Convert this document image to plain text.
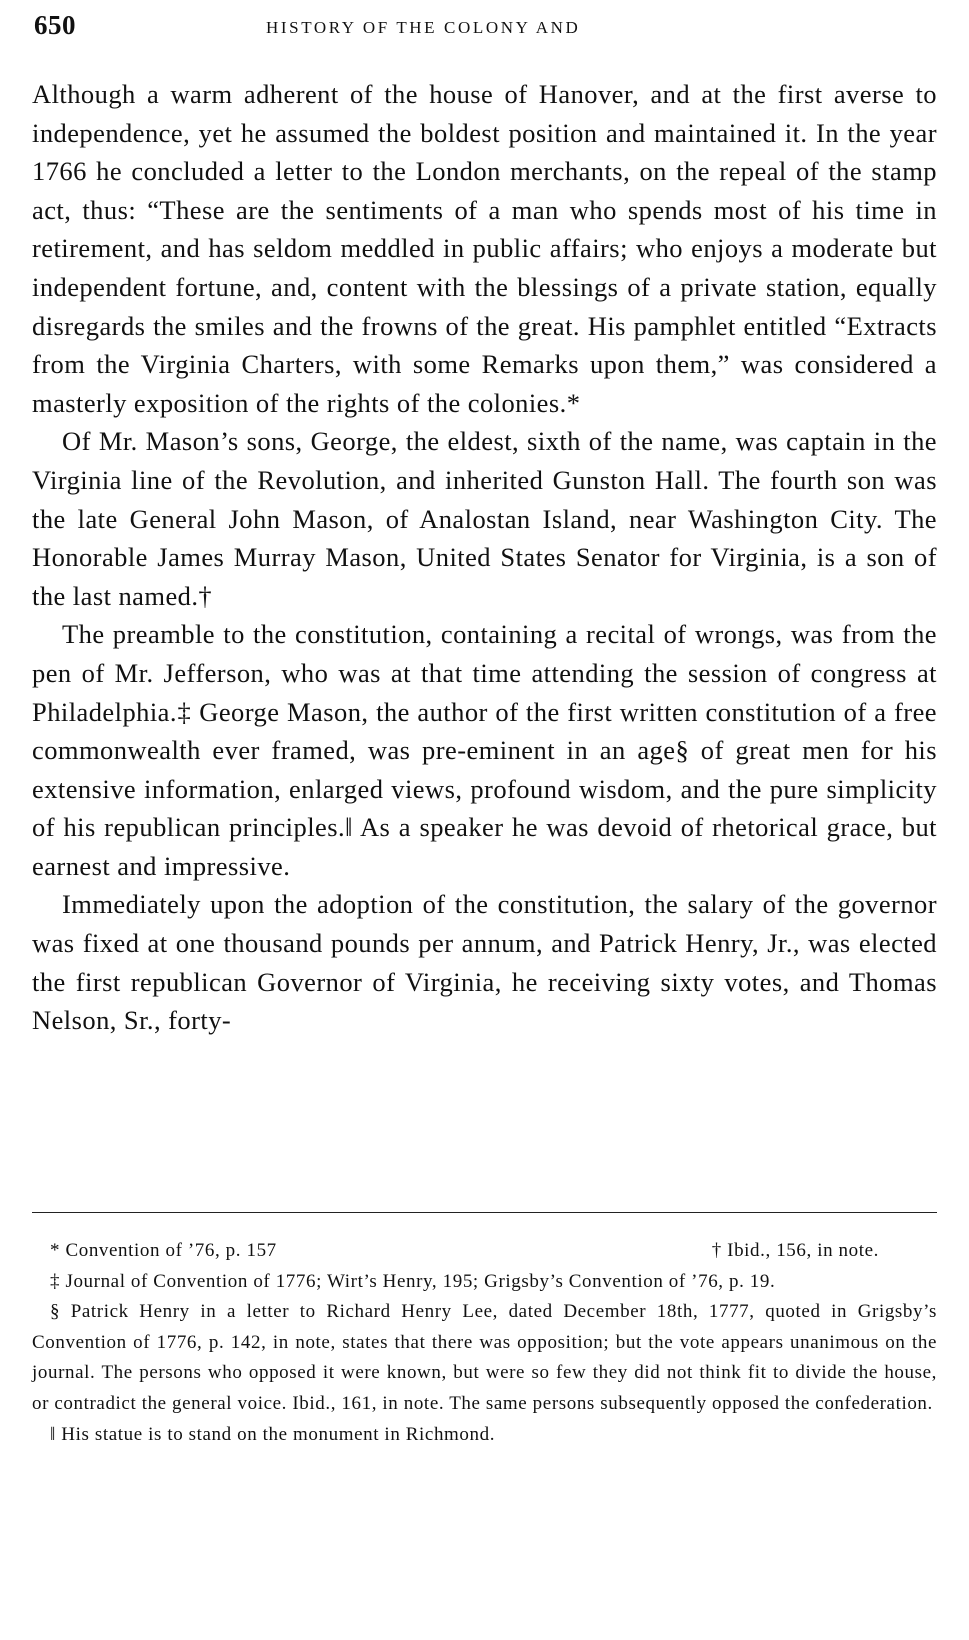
650	HISTORY OF THE COLONY AND

Although a warm adherent of the house of Hanover, and at the first averse to independence, yet he assumed the boldest position and maintained it. In the year 1766 he concluded a letter to the London merchants, on the repeal of the stamp act, thus: “These are the sentiments of a man who spends most of his time in retirement, and has seldom meddled in public affairs; who enjoys a moderate but independent fortune, and, content with the blessings of a private station, equally disregards the smiles and the frowns of the great. His pamphlet entitled “Extracts from the Virginia Charters, with some Remarks upon them,” was considered a masterly exposition of the rights of the colonies.*

Of Mr. Mason’s sons, George, the eldest, sixth of the name, was captain in the Virginia line of the Revolution, and inherited Gunston Hall. The fourth son was the late General John Mason, of Analostan Island, near Washington City. The Honorable James Murray Mason, United States Senator for Virginia, is a son of the last named.†

The preamble to the constitution, containing a recital of wrongs, was from the pen of Mr. Jefferson, who was at that time attending the session of congress at Philadelphia.‡ George Mason, the author of the first written constitution of a free commonwealth ever framed, was pre-eminent in an age§ of great men for his extensive information, enlarged views, profound wisdom, and the pure simplicity of his republican principles.‖ As a speaker he was devoid of rhetorical grace, but earnest and impressive.

Immediately upon the adoption of the constitution, the salary of the governor was fixed at one thousand pounds per annum, and Patrick Henry, Jr., was elected the first republican Governor of Virginia, he receiving sixty votes, and Thomas Nelson, Sr., forty-

* Convention of ’76, p. 157	† Ibid., 156, in note.

‡ Journal of Convention of 1776; Wirt’s Henry, 195; Grigsby’s Convention of ’76, p. 19.

§ Patrick Henry in a letter to Richard Henry Lee, dated December 18th, 1777, quoted in Grigsby’s Convention of 1776, p. 142, in note, states that there was opposition; but the vote appears unanimous on the journal. The persons who opposed it were known, but were so few they did not think fit to divide the house, or contradict the general voice. Ibid., 161, in note. The same persons subsequently opposed the confederation.

‖ His statue is to stand on the monument in Richmond.
